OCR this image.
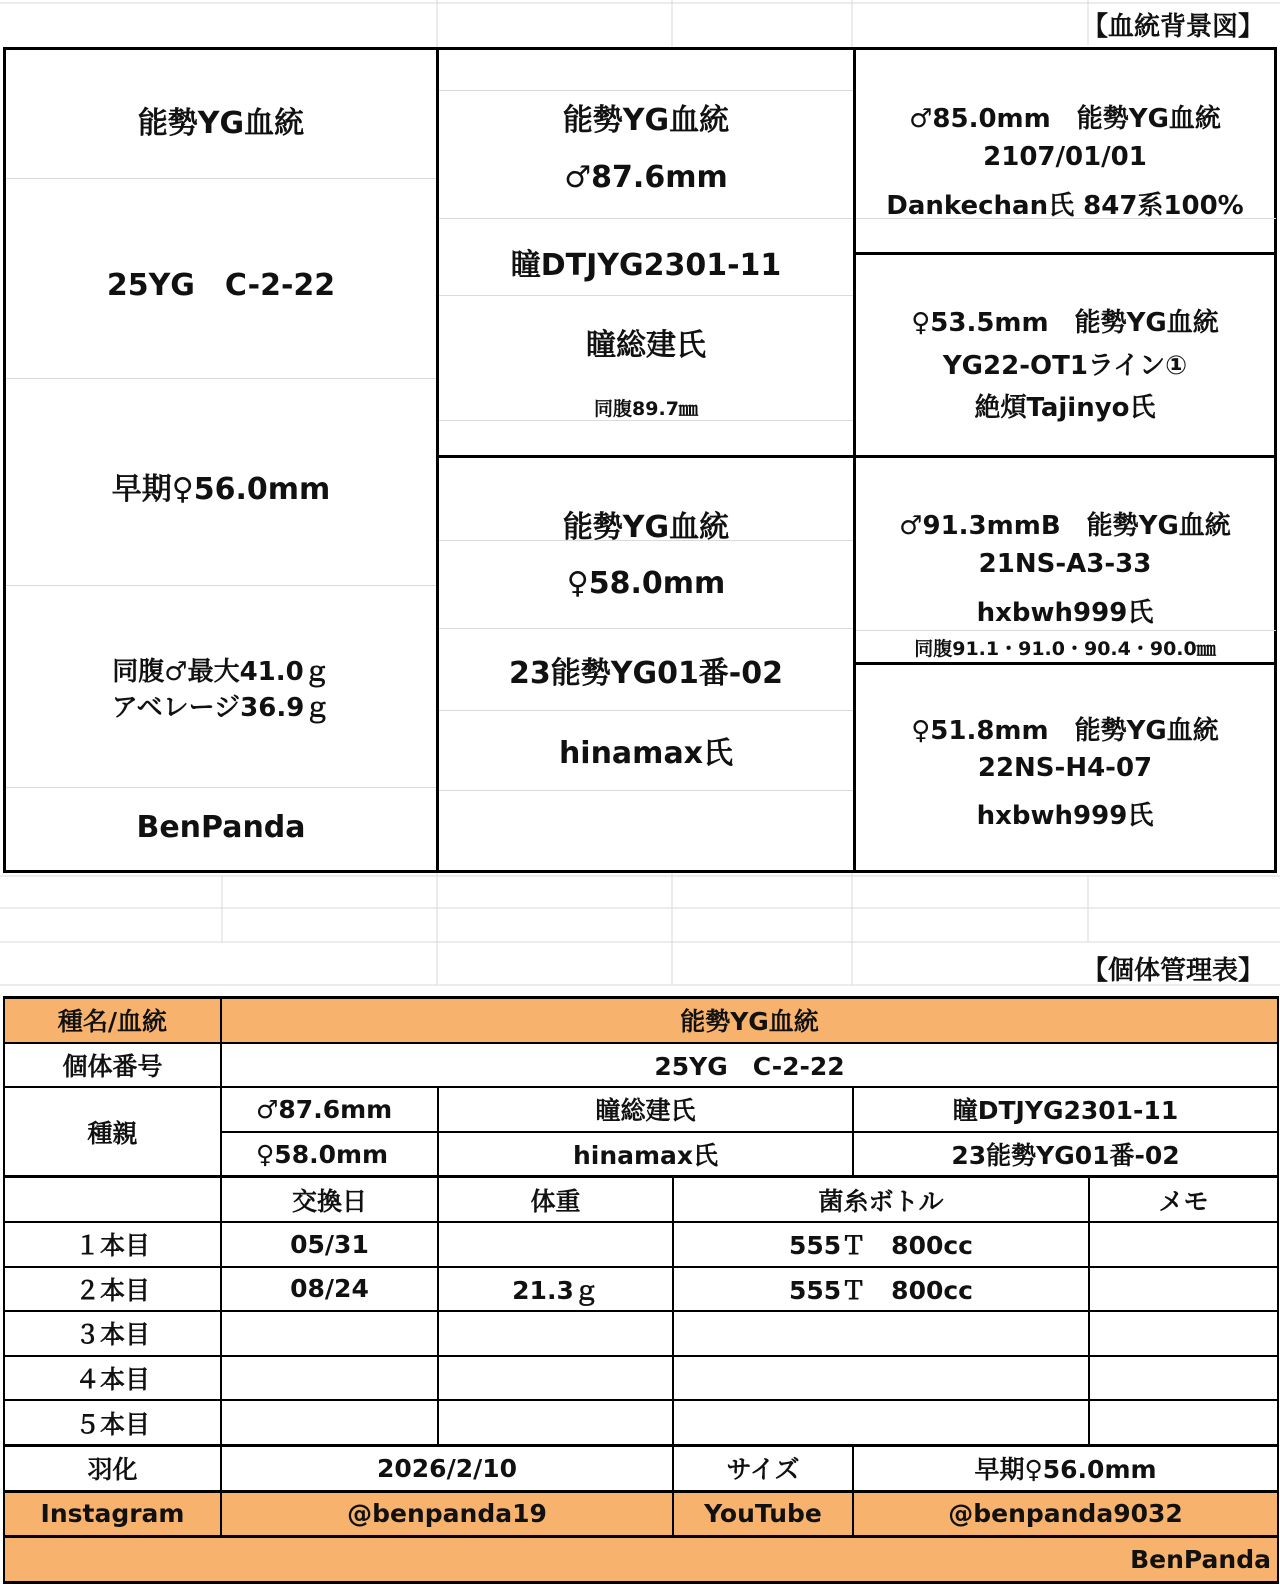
【血統背景図】
能勢YG血統
25YG　C-2-22
早期♀56.0mm
同腹♂最大41.0ｇ
アベレージ36.9ｇ
BenPanda
能勢YG血統
♂87.6mm
瞳DTJYG2301-11
瞳総建氏
同腹89.7㎜
能勢YG血統
♀58.0mm
23能勢YG01番-02
hinamax氏
♂85.0mm　能勢YG血統
2107/01/01
Dankechan氏 847系100%
♀53.5mm　能勢YG血統
YG22-OT1ライン①
絶煩Tajinyo氏
♂91.3mmB　能勢YG血統
21NS-A3-33
hxbwh999氏
同腹91.1・91.0・90.4・90.0㎜
♀51.8mm　能勢YG血統
22NS-H4-07
hxbwh999氏
【個体管理表】
種名/血統	能勢YG血統				
個体番号	25YG　C-2-22				
種親	♂87.6mm	瞳総建氏		瞳DTJYG2301-11	
	♀58.0mm	hinamax氏		23能勢YG01番-02	
	交換日	体重	菌糸ボトル		メモ
１本目	05/31		555Ｔ　800cc		
２本目	08/24	21.3ｇ	555Ｔ　800cc		
３本目					
４本目					
５本目					
羽化	2026/2/10		サイズ	早期♀56.0mm	
Instagram	@benpanda19		YouTube	@benpanda9032	
BenPanda					
